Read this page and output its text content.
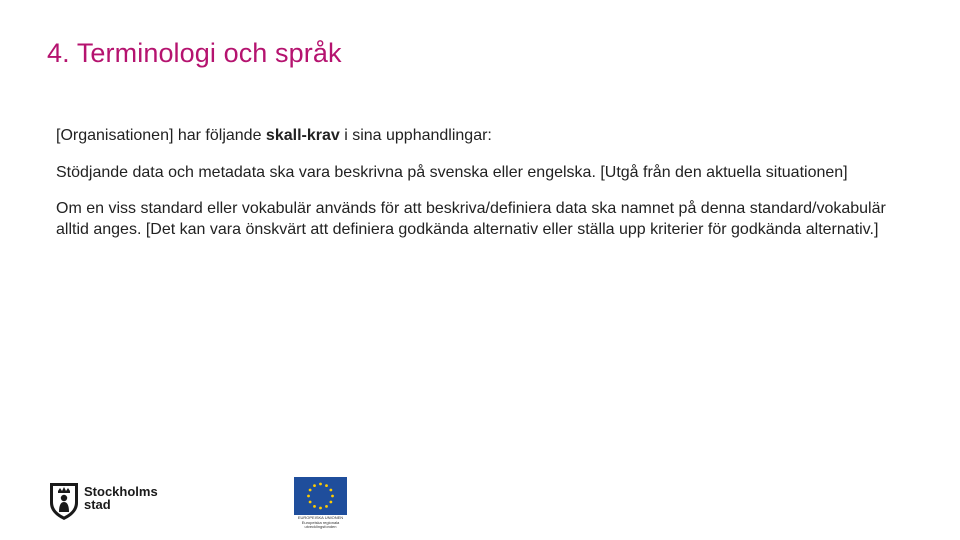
4. Terminologi och språk

[Organisationen] har följande skall-krav i sina upphandlingar:

Stödjande data och metadata ska vara beskrivna på svenska eller engelska. [Utgå från den aktuella situationen]

Om en viss standard eller vokabulär används för att beskriva/definiera data ska namnet på denna standard/vokabulär alltid anges. [Det kan vara önskvärt att definiera godkända alternativ eller ställa upp kriterier för godkända alternativ.]

Stockholms
stad
EUROPEISKA UNIONEN
Europeiska regionala
utvecklingsfonden
